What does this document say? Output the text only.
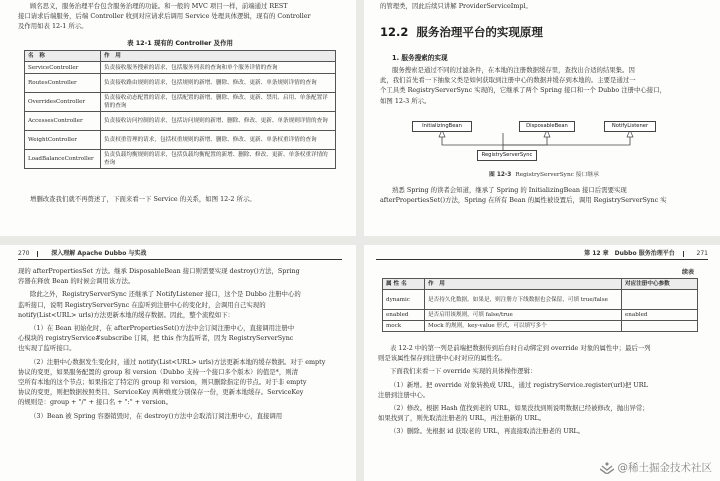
顾名思义，服务治理平台包含服务治理的功能。和一般的 MVC 项目一样，前端通过 REST
接口请求后端服务，后端 Controller 收到对应请求后调用 Service 处理具体逻辑，现有的 Controller
及作用如表 12-1 所示。
表 12-1 现有的 Controller 及作用
名　称	作　用
ServiceController	负责接收服务搜索的请求，包括服务列表的查询和单个服务详情的查询
RoutesController	负责接收路由规则的请求，包括规则的新增、删除、修改、更新、单条规则详情的查询
OverridesController	负责接收动态配置的请求，包括配置的新增、删除、修改、更新、禁用、启用、单条配置详情的查询
AccessesController	负责接收访问控制的请求，包括访问规则的新增、删除、修改、更新、单条规则详情的查询
WeightController	负责权重管理的请求，包括权重规则的新增、删除、修改、更新、单条权重详情的查询
LoadBalanceController	负责负载均衡规则的请求，包括负载均衡配置的新增、删除、修改、更新、单条权重详情的查询
增删改查我们就不再赘述了，下面来看一下 Service 的关系，如图 12-2 所示。
的管理类，因此后续只讲解 ProviderServiceImpl。
12.2 服务治理平台的实现原理
1. 服务搜索的实现
服务搜索是通过不同的过滤条件，在本地的注册数据缓存里，查找出合适的结果集。因
此，我们首先看一下抽象父类是如何获取到注册中心的数据并缓存到本地的。主要是通过一
个工具类 RegistryServerSync 实现的，它继承了两个 Spring 接口和一个 Dubbo 注册中心接口，
如图 12-3 所示。
InitializingBean	DisposableBean	NotifyListener
RegistryServerSync
图 12-3 RegistryServerSync 接口继承
熟悉 Spring 的读者会知道，继承了 Spring 的 InitializingBean 接口后需要实现
afterPropertiesSet()方法，Spring 在所有 Bean 的属性被设置后，调用 RegistryServerSync 实
270	深入理解 Apache Dubbo 与实战
现的 afterPropertiesSet 方法。继承 DisposableBean 接口则需要实现 destroy()方法，Spring
容器在释放 Bean 的时候会调用该方法。
除此之外，RegistryServerSync 还继承了 NotifyListener 接口，这个是 Dubbo 注册中心的
监听接口，说明 RegistryServerSync 在监听到注册中心的变化时，会调用自己实现的
notify(List<URL> urls)方法更新本地的缓存数据。因此，整个流程如下：
（1）在 Bean 初始化时，在 afterPropertiesSet()方法中会订阅注册中心，直接调用注册中
心模块的 registryService#subscribe 订阅，把 this 作为监听者，因为 RegistryServerSync
也实现了监听接口。
（2）注册中心数据发生变化时，通过 notify(List<URL> urls)方法更新本地的缓存数据。对于 empty
协议的变更，如果服务配置的 group 和 version（Dubbo 支持一个接口多个版本）的值是*，则清
空所有本地的这个节点；如果指定了特定的 group 和 version，则只删除指定的节点。对于非 empty
协议的变更，则把数据按照类目、ServiceKey 两种维度分别保存一份，更新本地缓存。ServiceKey
的规则是：group + "/" + 接口名 + ":" + version。
（3）Bean 被 Spring 容器销毁时，在 destroy()方法中会取消订阅注册中心，直接调用
第 12 章　Dubbo 服务治理平台	271
续表
属 性 名	作　用	对应注册中心参数
dynamic	是否持久化数据。如果是，则注册方下线数据也会保留，可填 true/false	
enabled	是否启用该规则，可填 false/true	enabled
mock	Mock 的规则，key-value 形式，可以填写多个	
表 12-2 中的第一列是前端把数据传到后台时自动绑定到 override 对象的属性中；最后一列
则是该属性保存到注册中心时对应的属性名。
下面我们来看一下 override 实现的具体操作逻辑：
（1）新增。把 override 对象转换成 URL，通过 registryService.register(url)把 URL
注册到注册中心。
（2）修改。根据 Hash 值找到老的 URL，如果没找到则说明数据已经被修改，抛出异常；
如果找到了，则先取消注册老的 URL，再注册新的 URL。
（3）删除。先根据 id 获取老的 URL，再直接取消注册老的 URL。
@稀土掘金技术社区
